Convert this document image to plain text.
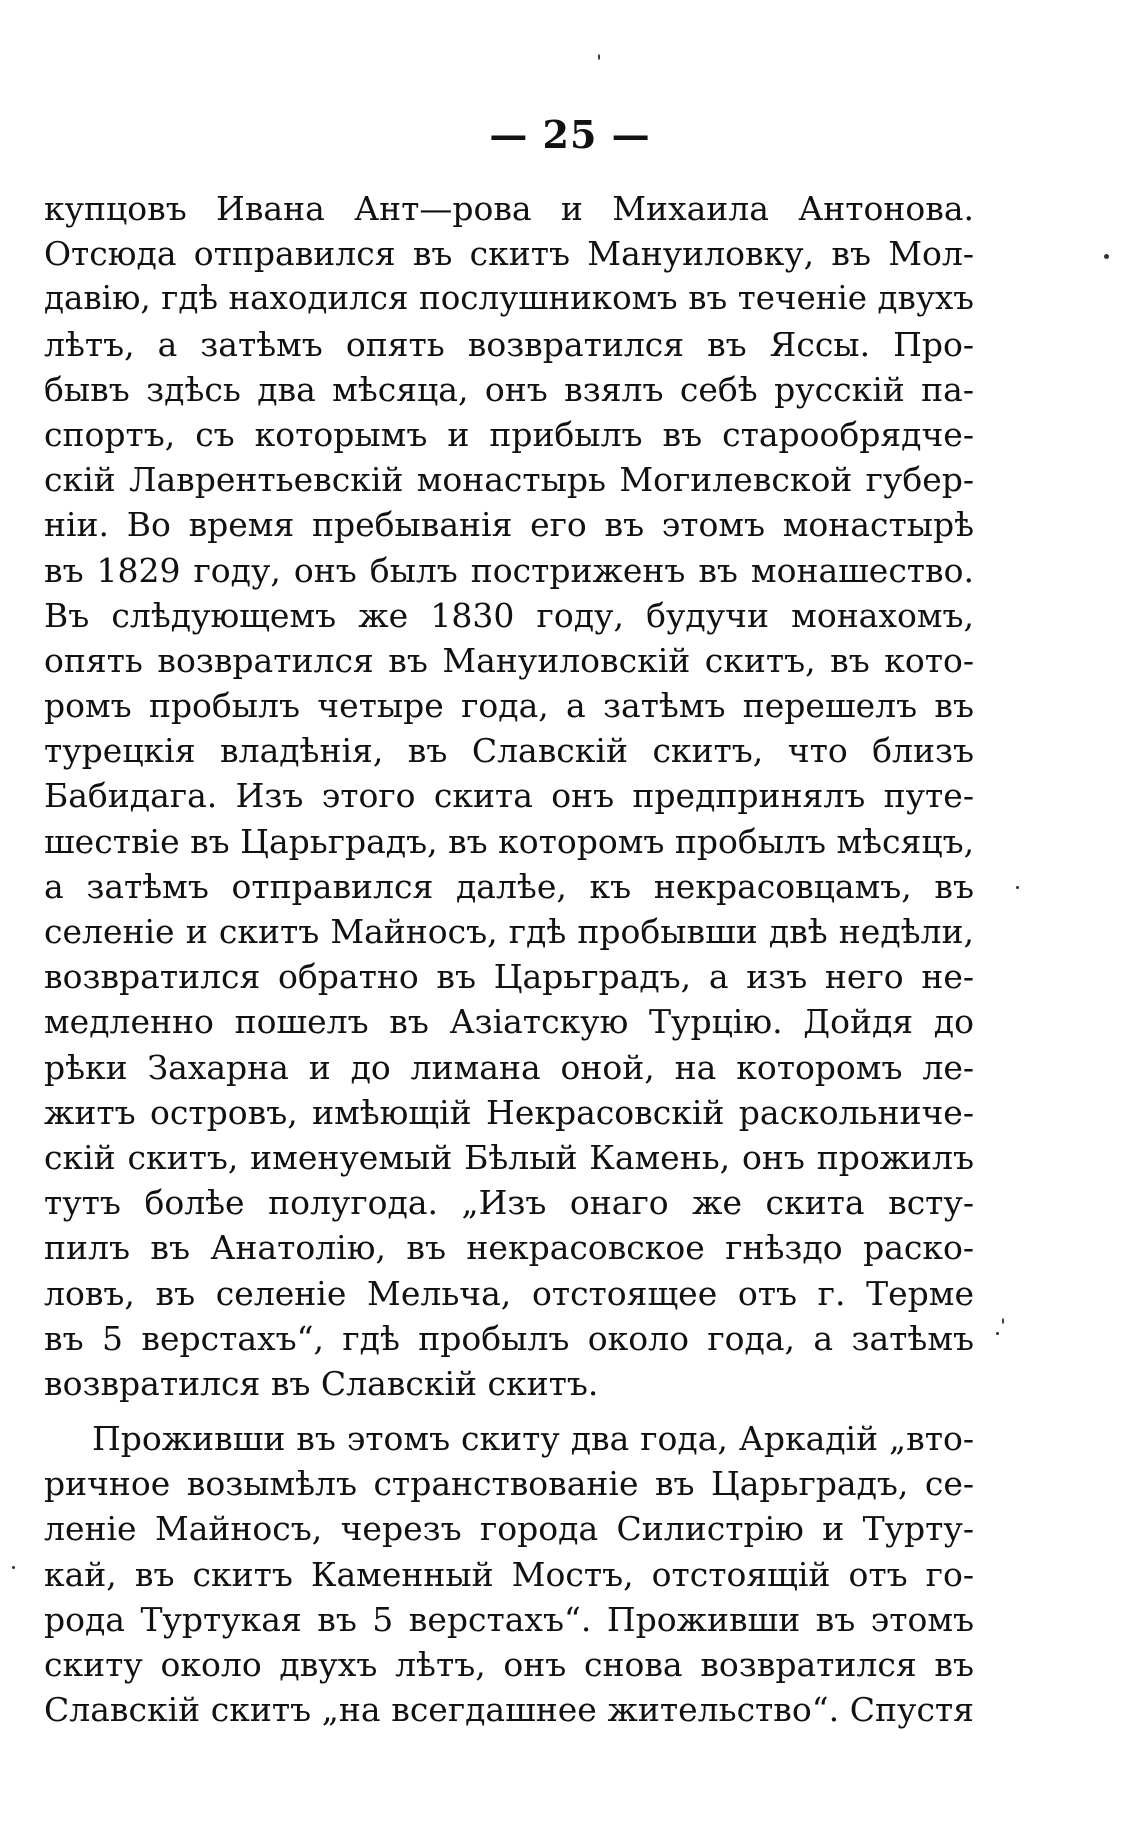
— 25 —
купцовъ Ивана Ант—рова и Михаила Антонова.
Отсюда отправился въ скитъ Мануиловку, въ Мол-
давію, гдѣ находился послушникомъ въ теченіе двухъ
лѣтъ, а затѣмъ опять возвратился въ Яссы. Про-
бывъ здѣсь два мѣсяца, онъ взялъ себѣ русскій па-
спортъ, съ которымъ и прибылъ въ старообрядче-
скій Лаврентьевскій монастырь Могилевской губер-
ніи. Во время пребыванія его въ этомъ монастырѣ
въ 1829 году, онъ былъ постриженъ въ монашество.
Въ слѣдующемъ же 1830 году, будучи монахомъ,
опять возвратился въ Мануиловскій скитъ, въ кото-
ромъ пробылъ четыре года, а затѣмъ перешелъ въ
турецкія владѣнія, въ Славскій скитъ, что близъ
Бабидага. Изъ этого скита онъ предпринялъ путе-
шествіе въ Царьградъ, въ которомъ пробылъ мѣсяцъ,
а затѣмъ отправился далѣе, къ некрасовцамъ, въ
селеніе и скитъ Майносъ, гдѣ пробывши двѣ недѣли,
возвратился обратно въ Царьградъ, а изъ него не-
медленно пошелъ въ Азіатскую Турцію. Дойдя до
рѣки Захарна и до лимана оной, на которомъ ле-
житъ островъ, имѣющій Некрасовскій раскольниче-
скій скитъ, именуемый Бѣлый Камень, онъ прожилъ
тутъ болѣе полугода. „Изъ онаго же скита всту-
пилъ въ Анатолію, въ некрасовское гнѣздо раско-
ловъ, въ селеніе Мельча, отстоящее отъ г. Терме
въ 5 верстахъ“, гдѣ пробылъ около года, а затѣмъ
возвратился въ Славскій скитъ.
Проживши въ этомъ скиту два года, Аркадій „вто-
ричное возымѣлъ странствованіе въ Царьградъ, се-
леніе Майносъ, черезъ города Силистрію и Турту-
кай, въ скитъ Каменный Мостъ, отстоящій отъ го-
рода Туртукая въ 5 верстахъ“. Проживши въ этомъ
скиту около двухъ лѣтъ, онъ снова возвратился въ
Славскій скитъ „на всегдашнее жительство“. Спустя
